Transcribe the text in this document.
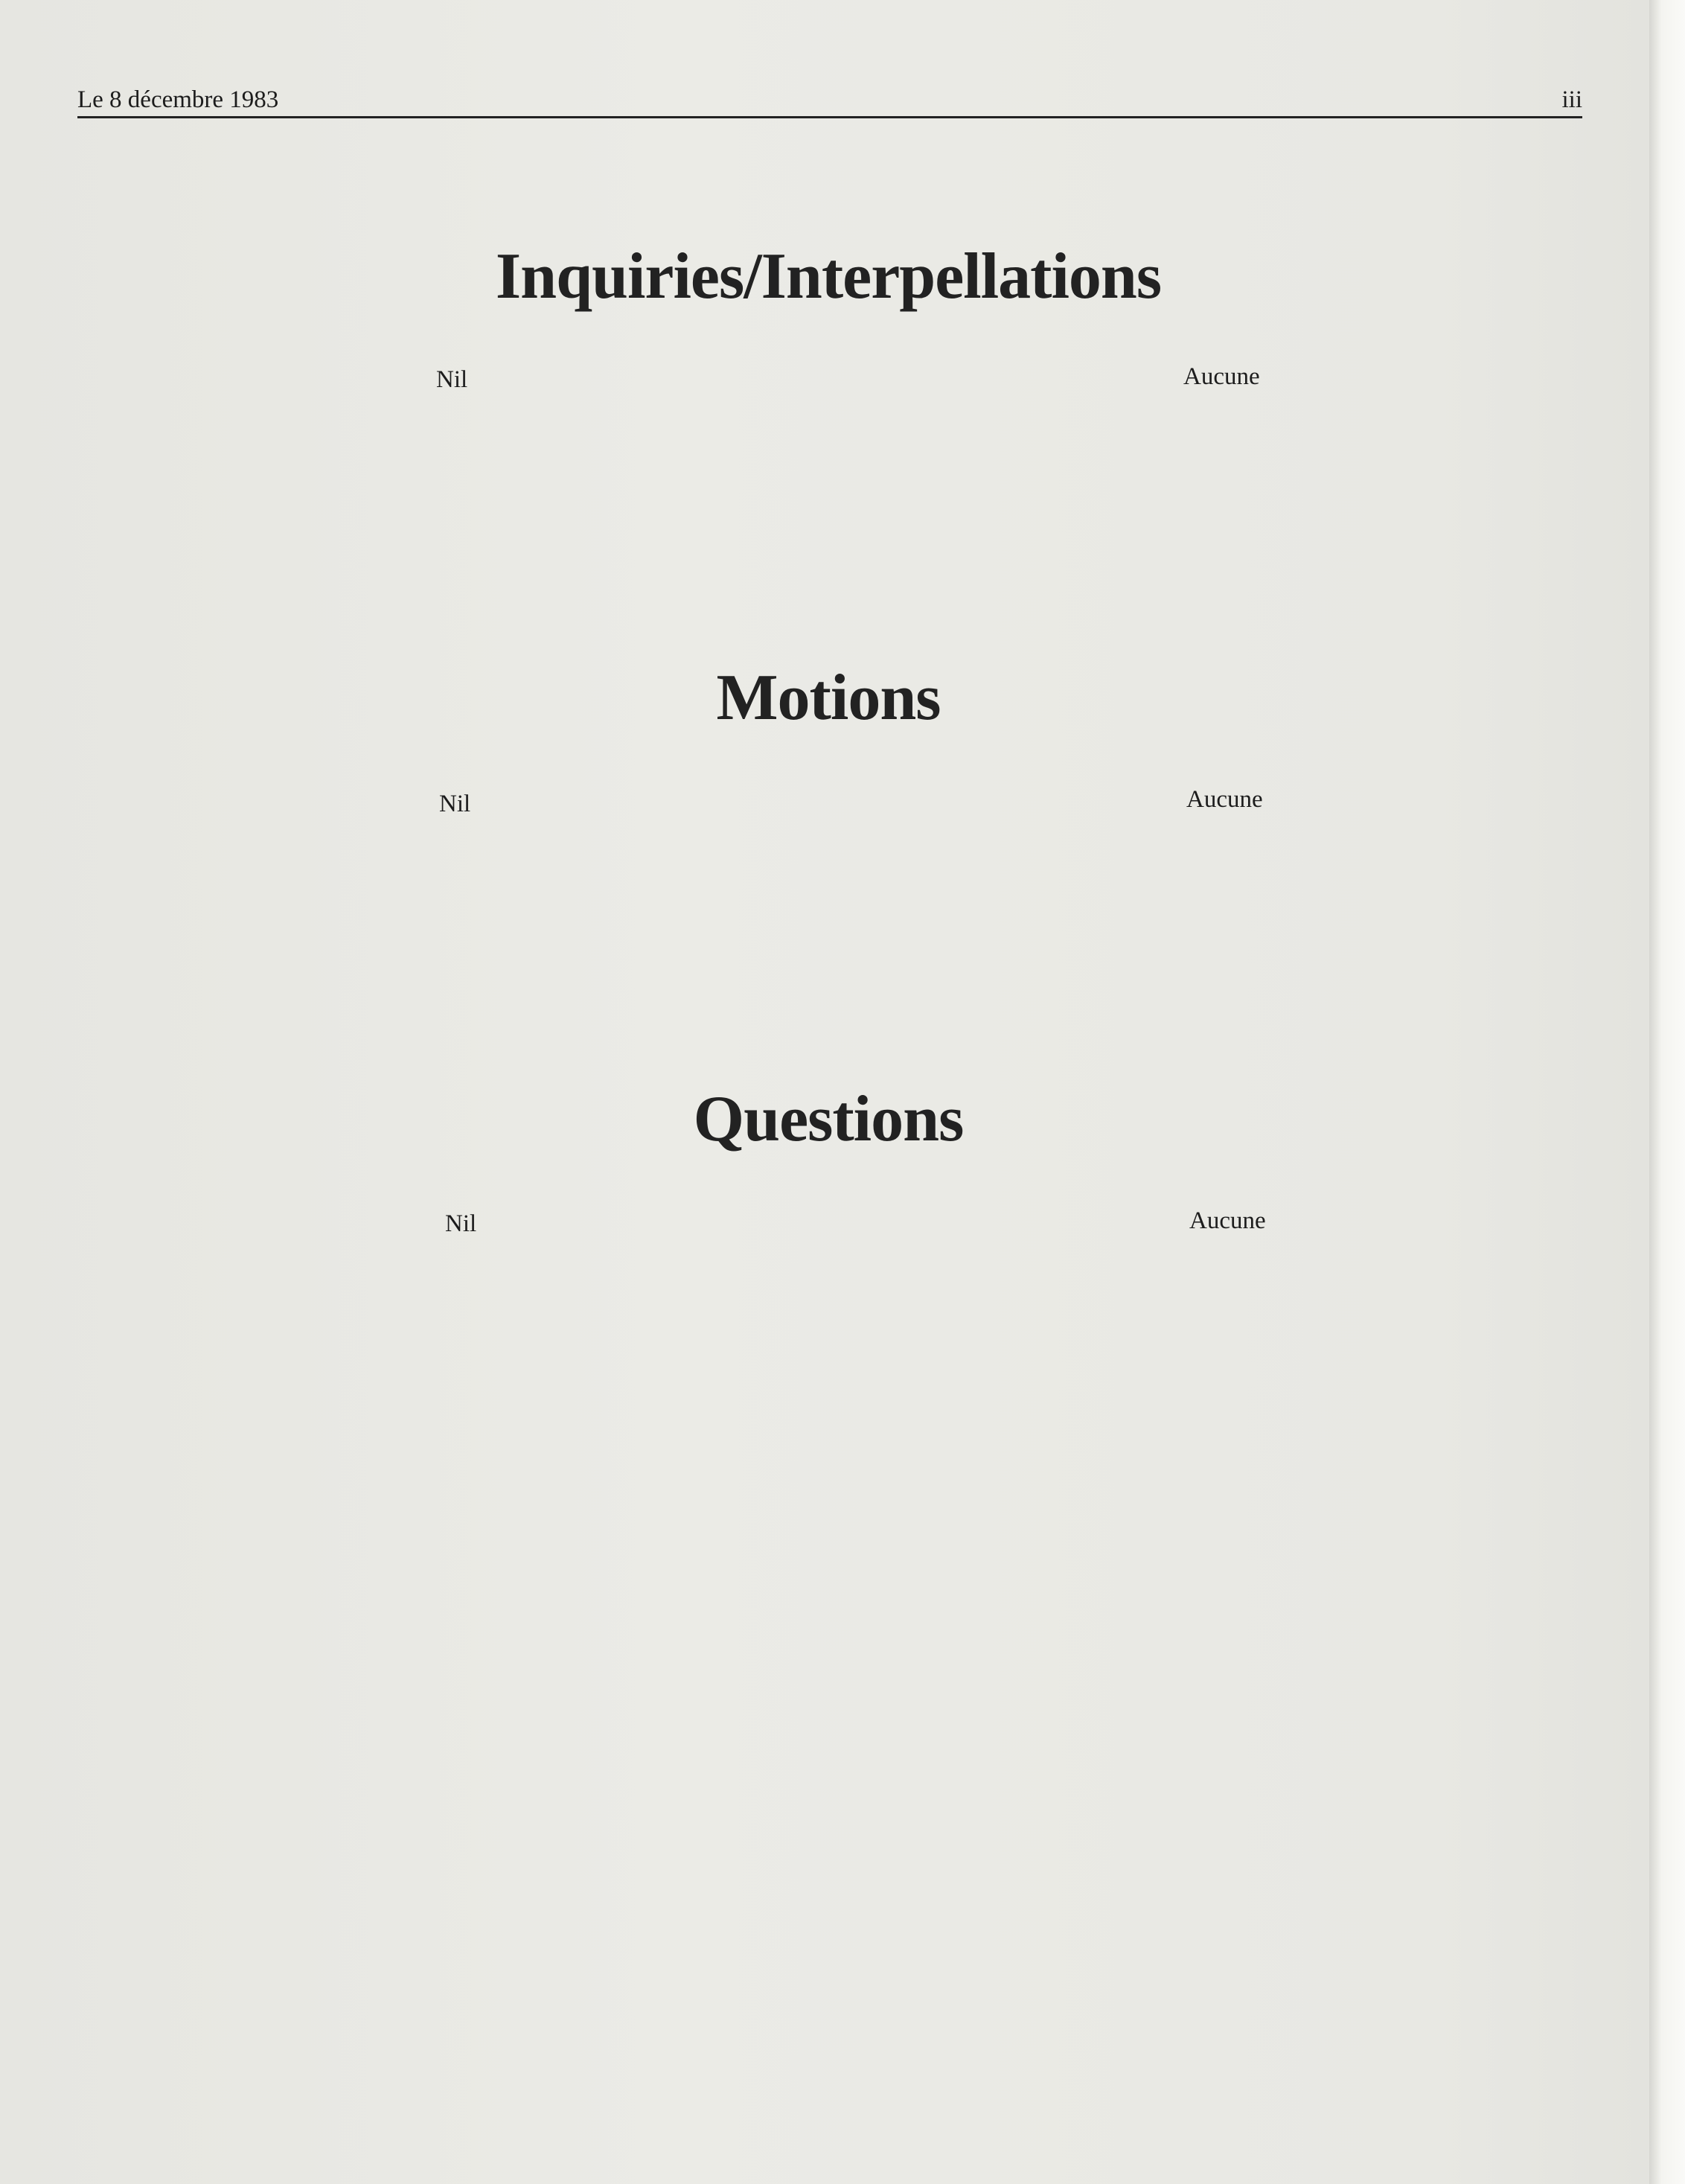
Le 8 décembre 1983	iii
Inquiries/Interpellations
Nil	Aucune
Motions
Nil	Aucune
Questions
Nil	Aucune
